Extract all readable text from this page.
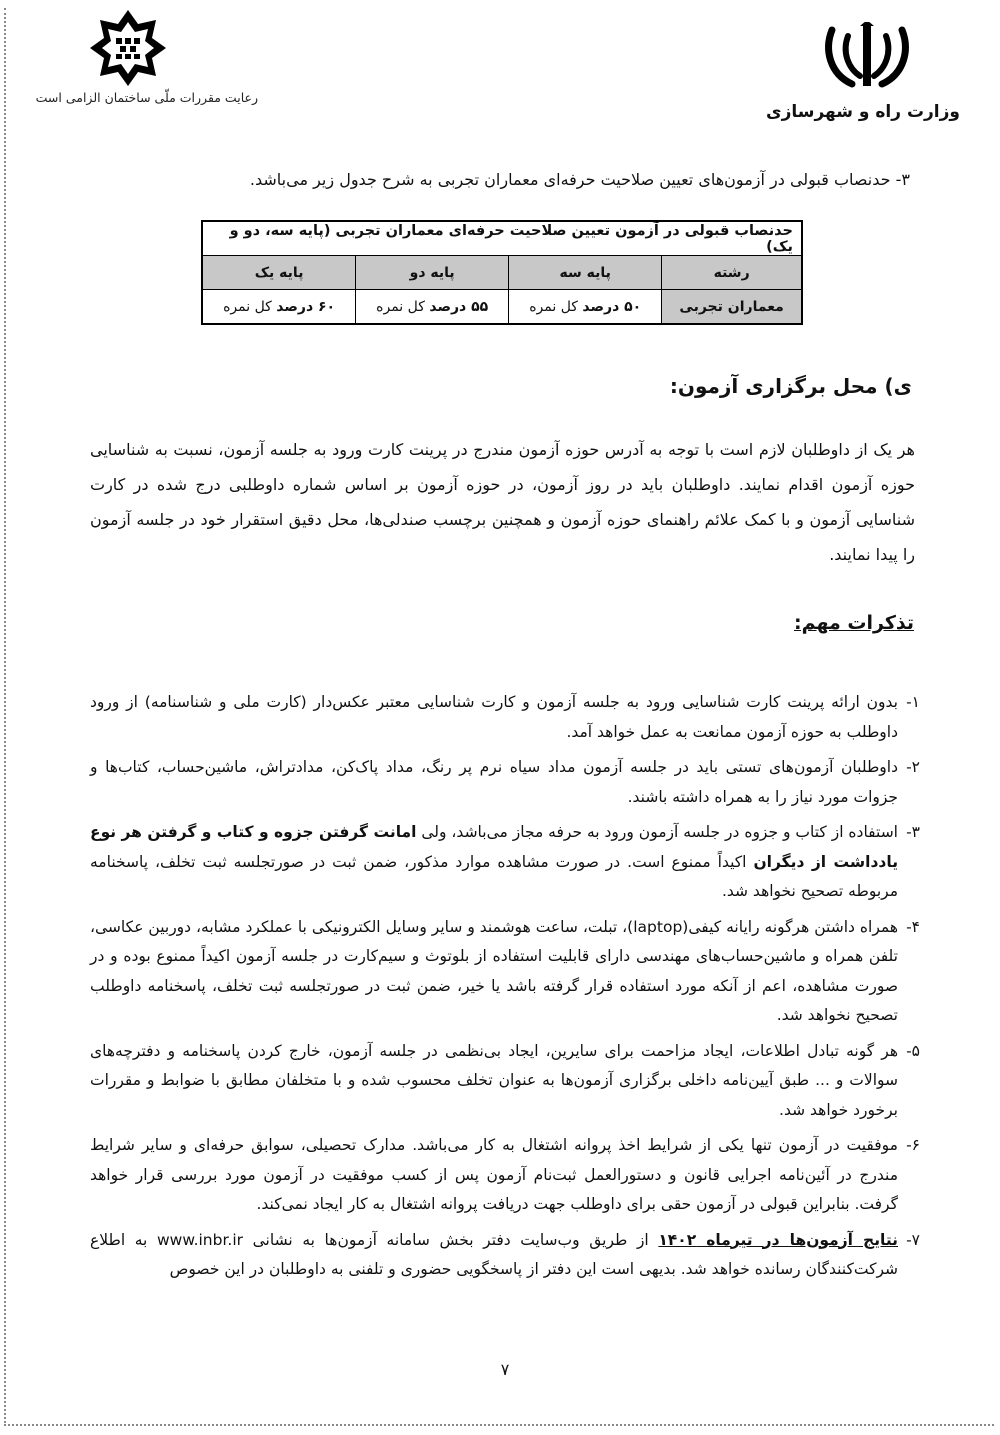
وزارت راه و شهرسازی
رعایت مقررات ملّی ساختمان الزامی است
۳- حدنصاب قبولی در آزمون‌های تعیین صلاحیت حرفه‌ای معماران تجربی به شرح جدول زیر می‌باشد.
حدنصاب قبولی در آزمون تعیین صلاحیت حرفه‌ای معماران تجربی (پایه سه، دو و یک)			
رشته	پایه سه	پایه دو	پایه یک
معماران تجربی	۵۰ درصد کل نمره	۵۵ درصد کل نمره	۶۰ درصد کل نمره
ی) محل برگزاری آزمون:
هر یک از داوطلبان لازم است با توجه به آدرس حوزه آزمون مندرج در پرینت کارت ورود به جلسه آزمون، نسبت به شناسایی حوزه آزمون اقدام نمایند. داوطلبان باید در روز آزمون، در حوزه آزمون بر اساس شماره داوطلبی درج شده در کارت شناسایی آزمون و با کمک علائم راهنمای حوزه آزمون و همچنین برچسب صندلی‌ها، محل دقیق استقرار خود در جلسه آزمون را پیدا نمایند.
تذکرات مهم:
۱-
بدون ارائه پرینت کارت شناسایی ورود به جلسه آزمون و کارت شناسایی معتبر عکس‌دار (کارت ملی و شناسنامه) از ورود داوطلب به حوزه آزمون ممانعت به عمل خواهد آمد.
۲-
داوطلبان آزمون‌های تستی باید در جلسه آزمون مداد سیاه نرم پر رنگ، مداد پاک‌کن، مدادتراش، ماشین‌حساب، کتاب‌ها و جزوات مورد نیاز را به همراه داشته باشند.
۳-
استفاده از کتاب و جزوه در جلسه آزمون ورود به حرفه مجاز می‌باشد، ولی امانت گرفتن جزوه و کتاب و گرفتن هر نوع یادداشت از دیگران اکیداً ممنوع است. در صورت مشاهده موارد مذکور، ضمن ثبت در صورتجلسه ثبت تخلف، پاسخنامه مربوطه تصحیح نخواهد شد.
۴-
همراه داشتن هرگونه رایانه کیفی(laptop)، تبلت، ساعت هوشمند و سایر وسایل الکترونیکی با عملکرد مشابه، دوربین عکاسی، تلفن همراه و ماشین‌حساب‌های مهندسی دارای قابلیت استفاده از بلوتوث و سیم‌کارت در جلسه آزمون اکیداً ممنوع بوده و در صورت مشاهده، اعم از آنکه مورد استفاده قرار گرفته باشد یا خیر، ضمن ثبت در صورتجلسه ثبت تخلف، پاسخنامه داوطلب تصحیح نخواهد شد.
۵-
هر گونه تبادل اطلاعات، ایجاد مزاحمت برای سایرین، ایجاد بی‌نظمی در جلسه آزمون، خارج کردن پاسخنامه و دفترچه‌های سوالات و ... طبق آیین‌نامه داخلی برگزاری آزمون‌ها به عنوان تخلف محسوب شده و با متخلفان مطابق با ضوابط و مقررات برخورد خواهد شد.
۶-
موفقیت در آزمون تنها یکی از شرایط اخذ پروانه اشتغال به کار می‌باشد. مدارک تحصیلی، سوابق حرفه‌ای و سایر شرایط مندرج در آئین‌نامه اجرایی قانون و دستورالعمل ثبت‌نام آزمون پس از کسب موفقیت در آزمون مورد بررسی قرار خواهد گرفت. بنابراین قبولی در آزمون حقی برای داوطلب جهت دریافت پروانه اشتغال به کار ایجاد نمی‌کند.
۷-
نتایج آزمون‌ها در تیرماه ۱۴۰۲ از طریق وب‌سایت دفتر بخش سامانه آزمون‌ها به نشانی www.inbr.ir به اطلاع شرکت‌کنندگان رسانده خواهد شد. بدیهی است این دفتر از پاسخگویی حضوری و تلفنی به داوطلبان در این خصوص
۷
